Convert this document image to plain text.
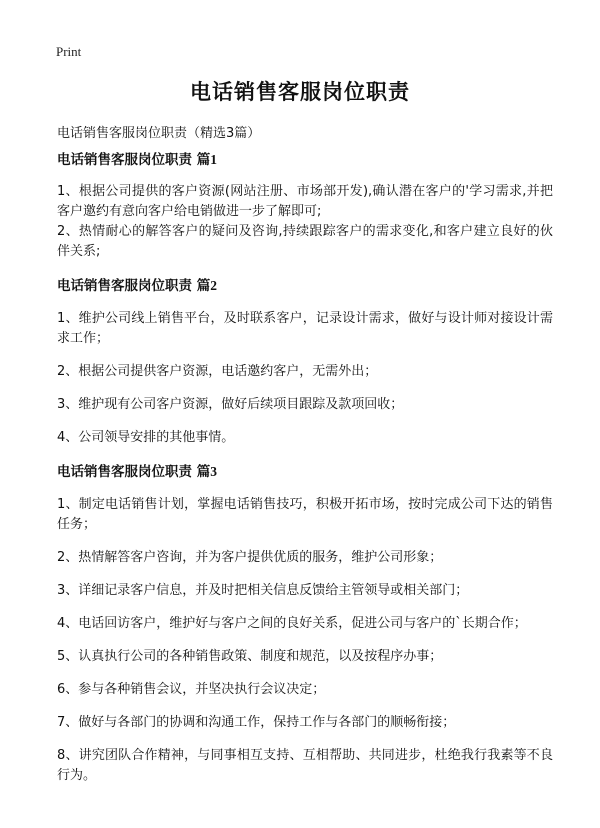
Print
电话销售客服岗位职责
电话销售客服岗位职责（精选3篇）

电话销售客服岗位职责 篇1

1、根据公司提供的客户资源(网站注册、市场部开发),确认潜在客户的'学习需求,并把客户邀约有意向客户给电销做进一步了解即可;

2、热情耐心的解答客户的疑问及咨询,持续跟踪客户的需求变化,和客户建立良好的伙伴关系;

电话销售客服岗位职责 篇2

1、维护公司线上销售平台，及时联系客户，记录设计需求，做好与设计师对接设计需求工作；

2、根据公司提供客户资源，电话邀约客户，无需外出；

3、维护现有公司客户资源，做好后续项目跟踪及款项回收；

4、公司领导安排的其他事情。

电话销售客服岗位职责 篇3

1、制定电话销售计划，掌握电话销售技巧，积极开拓市场，按时完成公司下达的销售任务；

2、热情解答客户咨询，并为客户提供优质的服务，维护公司形象；

3、详细记录客户信息，并及时把相关信息反馈给主管领导或相关部门；

4、电话回访客户，维护好与客户之间的良好关系，促进公司与客户的`长期合作；

5、认真执行公司的各种销售政策、制度和规范，以及按程序办事；

6、参与各种销售会议，并坚决执行会议决定；

7、做好与各部门的协调和沟通工作，保持工作与各部门的顺畅衔接；

8、讲究团队合作精神，与同事相互支持、互相帮助、共同进步，杜绝我行我素等不良行为。
